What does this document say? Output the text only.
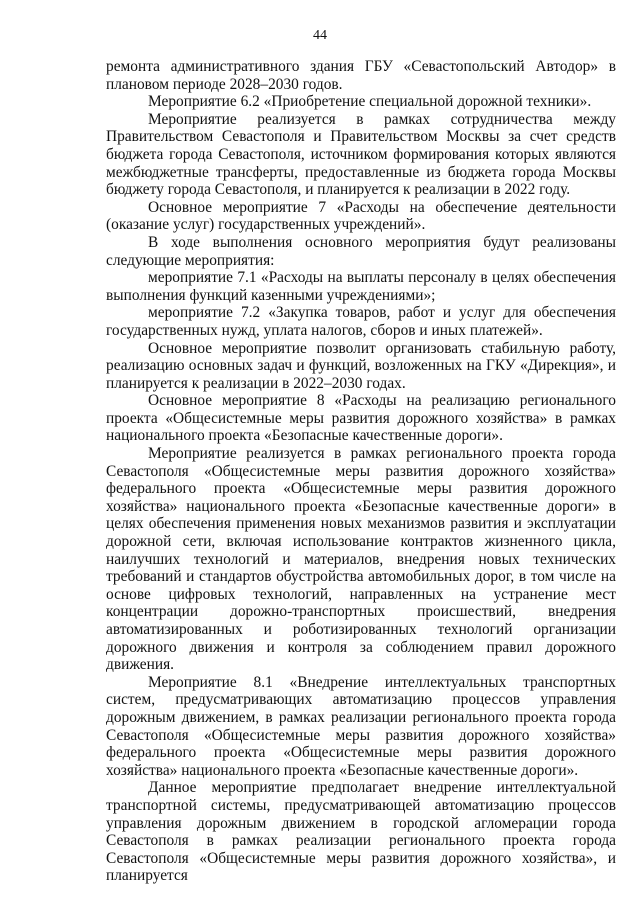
44

ремонта административного здания ГБУ «Севастопольский Автодор» в плановом периоде 2028–2030 годов.

Мероприятие 6.2 «Приобретение специальной дорожной техники».

Мероприятие реализуется в рамках сотрудничества между Правительством Севастополя и Правительством Москвы за счет средств бюджета города Севастополя, источником формирования которых являются межбюджетные трансферты, предоставленные из бюджета города Москвы бюджету города Севастополя, и планируется к реализации в 2022 году.

Основное мероприятие 7 «Расходы на обеспечение деятельности (оказание услуг) государственных учреждений».

В ходе выполнения основного мероприятия будут реализованы следующие мероприятия:

мероприятие 7.1 «Расходы на выплаты персоналу в целях обеспечения выполнения функций казенными учреждениями»;

мероприятие 7.2 «Закупка товаров, работ и услуг для обеспечения государственных нужд, уплата налогов, сборов и иных платежей».

Основное мероприятие позволит организовать стабильную работу, реализацию основных задач и функций, возложенных на ГКУ «Дирекция», и планируется к реализации в 2022–2030 годах.

Основное мероприятие 8 «Расходы на реализацию регионального проекта «Общесистемные меры развития дорожного хозяйства» в рамках национального проекта «Безопасные качественные дороги».

Мероприятие реализуется в рамках регионального проекта города Севастополя «Общесистемные меры развития дорожного хозяйства» федерального проекта «Общесистемные меры развития дорожного хозяйства» национального проекта «Безопасные качественные дороги» в целях обеспечения применения новых механизмов развития и эксплуатации дорожной сети, включая использование контрактов жизненного цикла, наилучших технологий и материалов, внедрения новых технических требований и стандартов обустройства автомобильных дорог, в том числе на основе цифровых технологий, направленных на устранение мест концентрации дорожно-транспортных происшествий, внедрения автоматизированных и роботизированных технологий организации дорожного движения и контроля за соблюдением правил дорожного движения.

Мероприятие 8.1 «Внедрение интеллектуальных транспортных систем, предусматривающих автоматизацию процессов управления дорожным движением, в рамках реализации регионального проекта города Севастополя «Общесистемные меры развития дорожного хозяйства» федерального проекта «Общесистемные меры развития дорожного хозяйства» национального проекта «Безопасные качественные дороги».

Данное мероприятие предполагает внедрение интеллектуальной транспортной системы, предусматривающей автоматизацию процессов управления дорожным движением в городской агломерации города Севастополя в рамках реализации регионального проекта города Севастополя «Общесистемные меры развития дорожного хозяйства», и планируется
